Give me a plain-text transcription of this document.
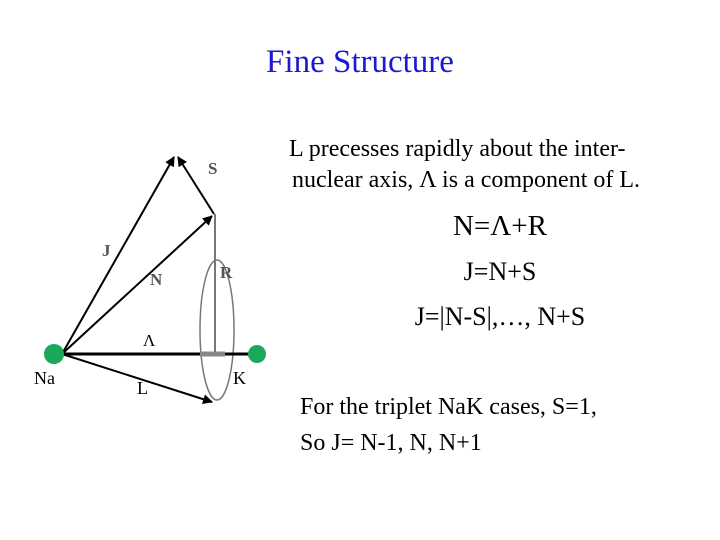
Fine Structure
L precesses rapidly about the inter-
nuclear axis, Λ is a component of L.
N=Λ+R
J=N+S
J=|N-S|,…, N+S
For the triplet NaK cases, S=1,
So J= N-1, N, N+1
S
J
N	R
Λ
L
Na	K
